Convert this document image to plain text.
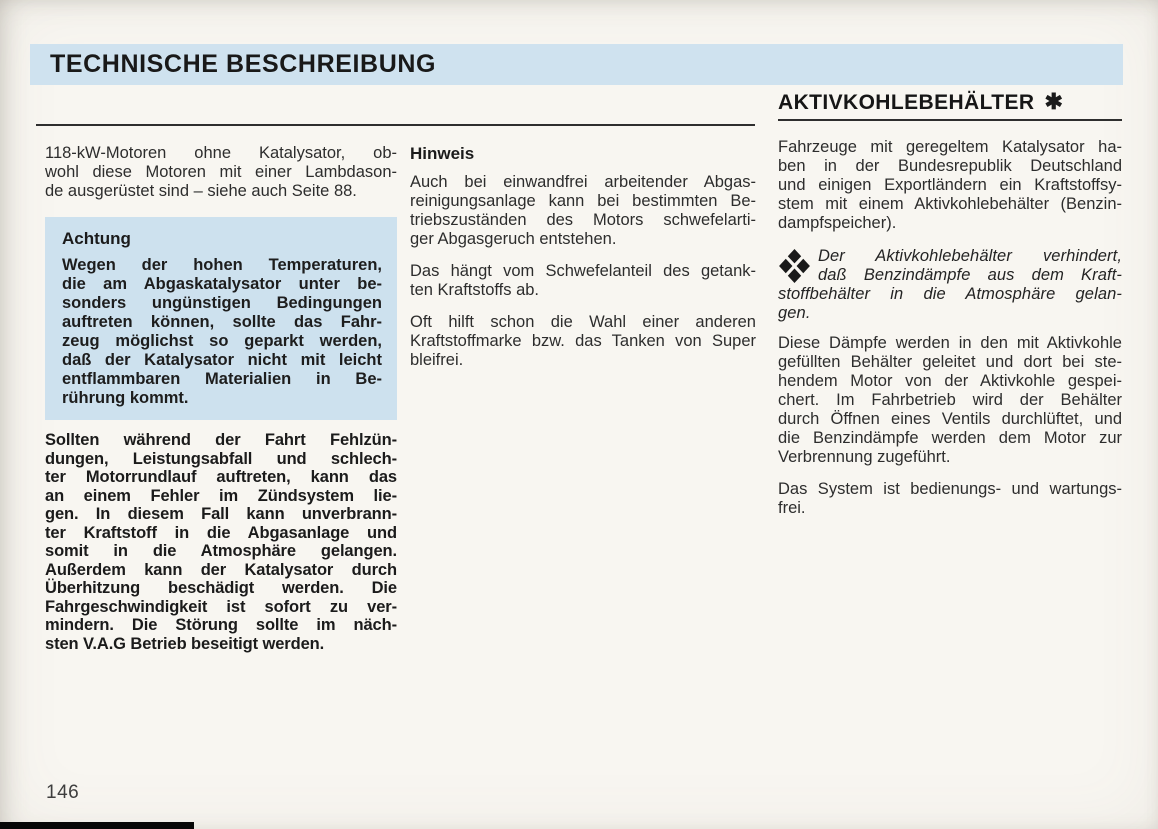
TECHNISCHE BESCHREIBUNG
118-kW-Motoren ohne Katalysator, ob-
wohl diese Motoren mit einer Lambdason-
de ausgerüstet sind – siehe auch Seite 88.
Achtung
Wegen der hohen Temperaturen,
die am Abgaskatalysator unter be-
sonders ungünstigen Bedingungen
auftreten können, sollte das Fahr-
zeug möglichst so geparkt werden,
daß der Katalysator nicht mit leicht
entflammbaren Materialien in Be-
rührung kommt.
Sollten während der Fahrt Fehlzün-
dungen, Leistungsabfall und schlech-
ter Motorrundlauf auftreten, kann das
an einem Fehler im Zündsystem lie-
gen. In diesem Fall kann unverbrann-
ter Kraftstoff in die Abgasanlage und
somit in die Atmosphäre gelangen.
Außerdem kann der Katalysator durch
Überhitzung beschädigt werden. Die
Fahrgeschwindigkeit ist sofort zu ver-
mindern. Die Störung sollte im näch-
sten V.A.G Betrieb beseitigt werden.
Hinweis
Auch bei einwandfrei arbeitender Abgas-
reinigungsanlage kann bei bestimmten Be-
triebszuständen des Motors schwefelarti-
ger Abgasgeruch entstehen.
Das hängt vom Schwefelanteil des getank-
ten Kraftstoffs ab.
Oft hilft schon die Wahl einer anderen
Kraftstoffmarke bzw. das Tanken von Super
bleifrei.
AKTIVKOHLEBEHÄLTER ✱
Fahrzeuge mit geregeltem Katalysator ha-
ben in der Bundesrepublik Deutschland
und einigen Exportländern ein Kraftstoffsy-
stem mit einem Aktivkohlebehälter (Benzin-
dampfspeicher).
Der Aktivkohlebehälter verhindert,
daß Benzindämpfe aus dem Kraft-
stoffbehälter in die Atmosphäre gelan-
gen.
Diese Dämpfe werden in den mit Aktivkohle
gefüllten Behälter geleitet und dort bei ste-
hendem Motor von der Aktivkohle gespei-
chert. Im Fahrbetrieb wird der Behälter
durch Öffnen eines Ventils durchlüftet, und
die Benzindämpfe werden dem Motor zur
Verbrennung zugeführt.
Das System ist bedienungs- und wartungs-
frei.
146
